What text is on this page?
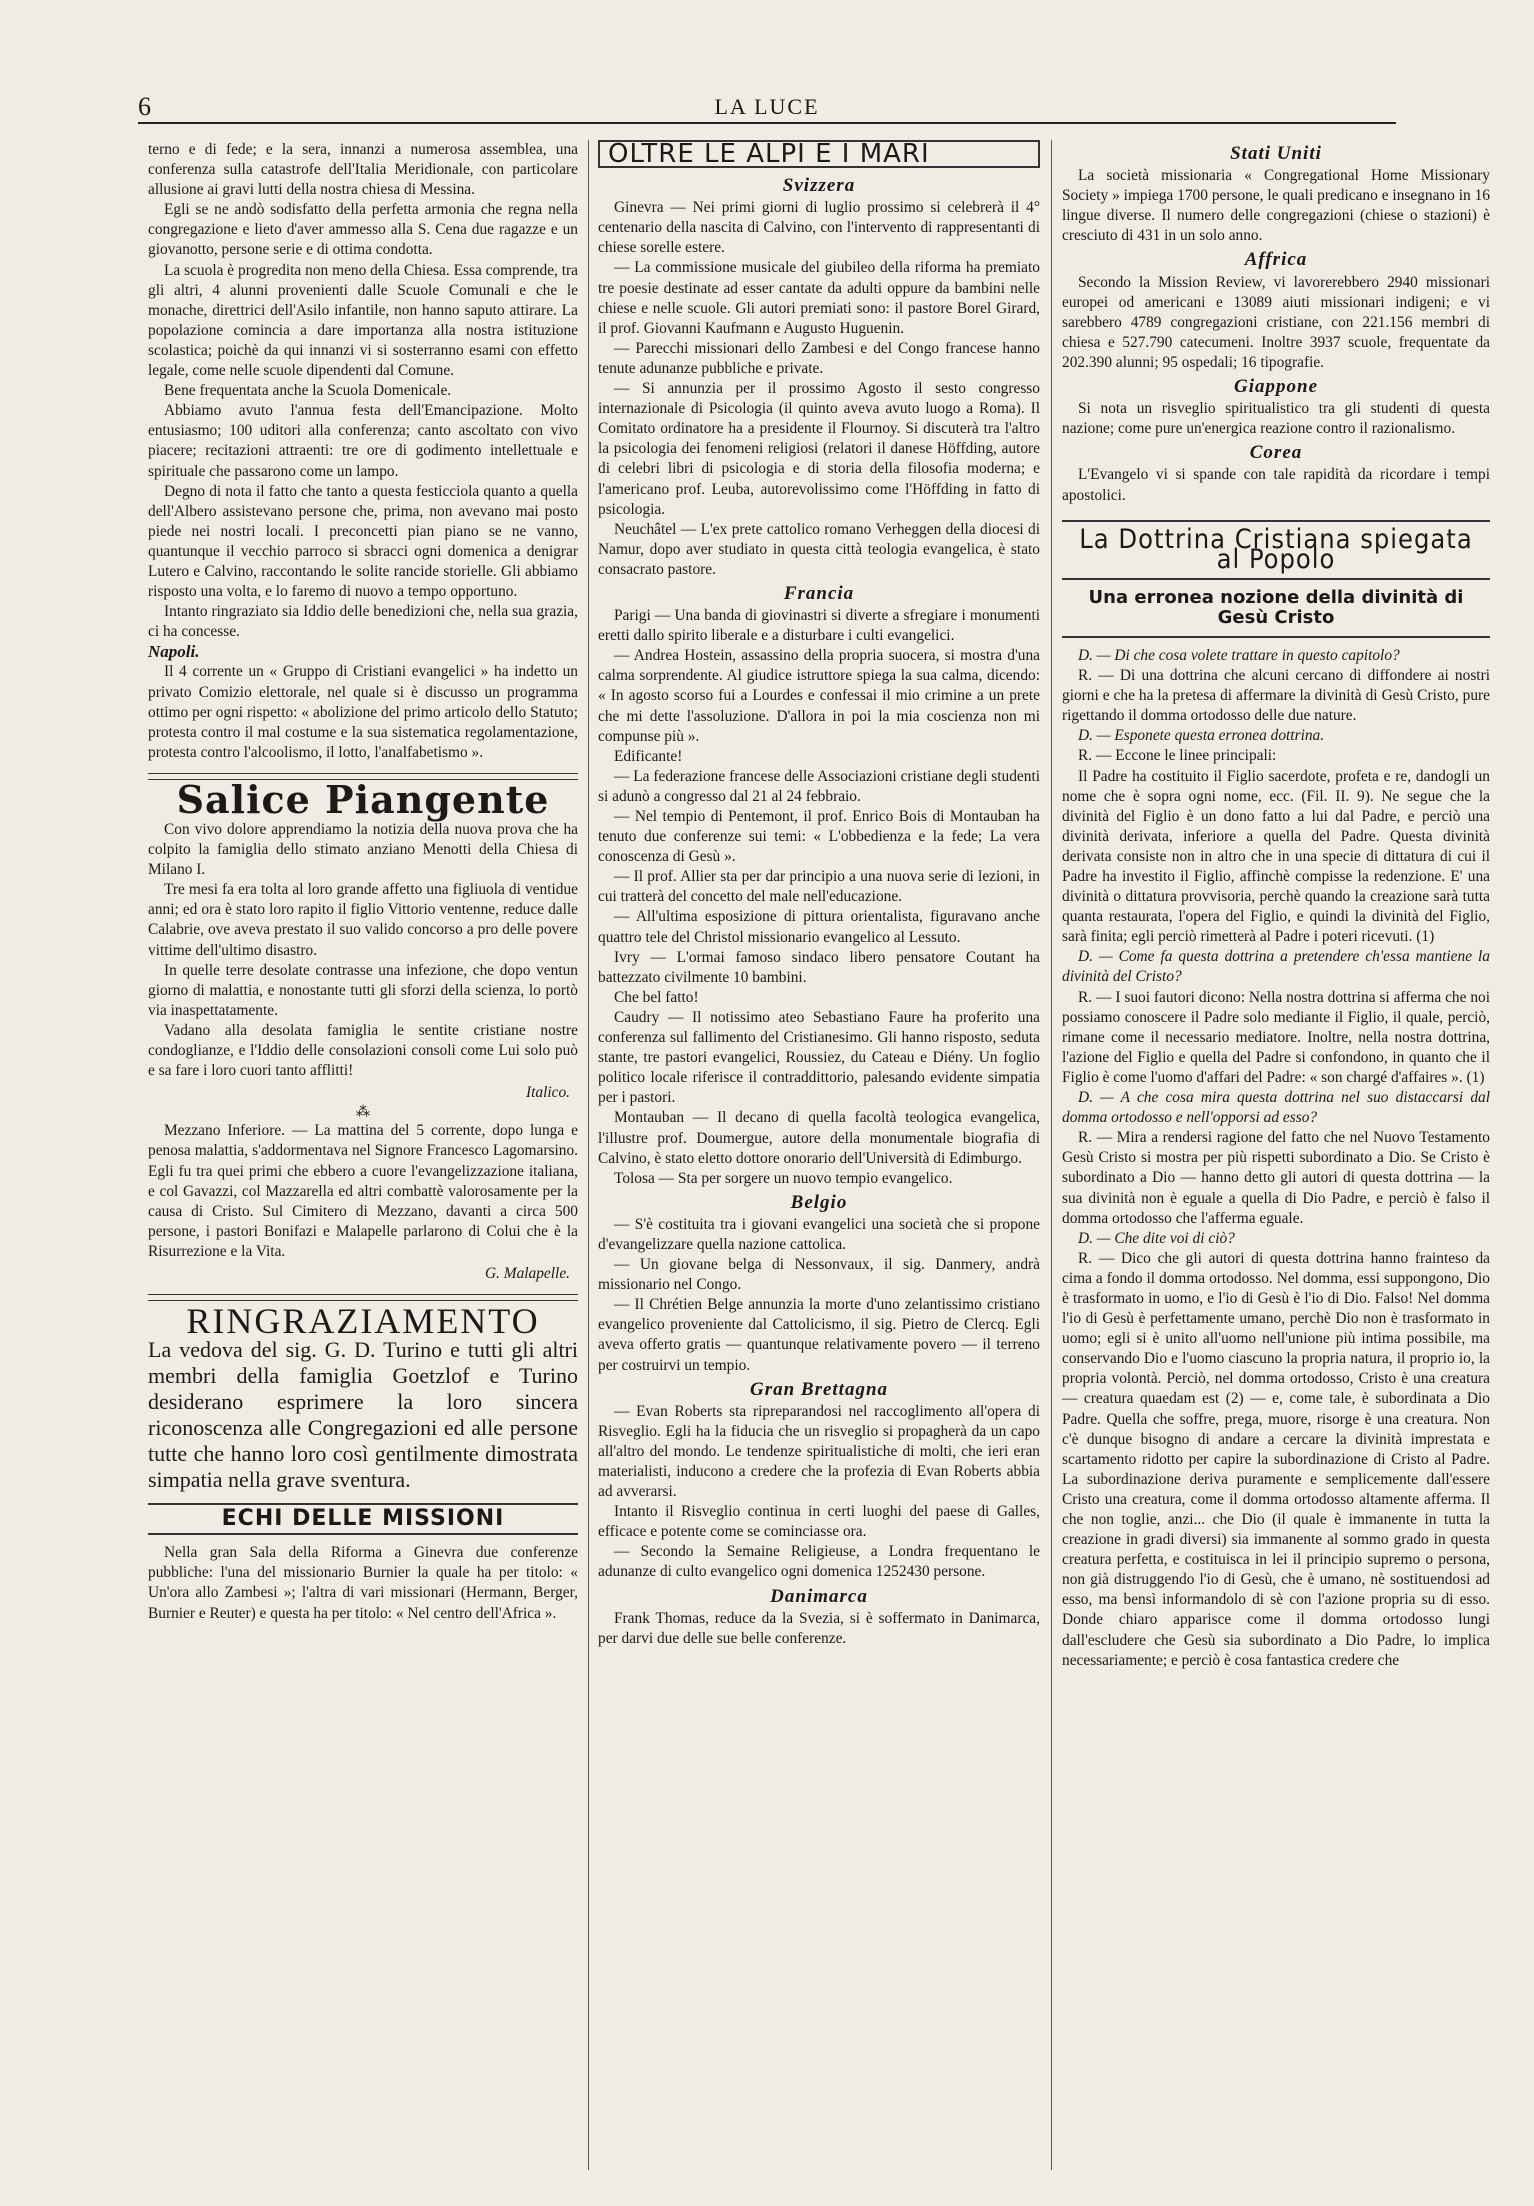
6	LA LUCE

terno e di fede; e la sera, innanzi a numerosa assemblea, una conferenza sulla catastrofe dell'Italia Meridionale, con particolare allusione ai gravi lutti della nostra chiesa di Messina.

Egli se ne andò sodisfatto della perfetta armonia che regna nella congregazione e lieto d'aver ammesso alla S. Cena due ragazze e un giovanotto, persone serie e di ottima condotta.

La scuola è progredita non meno della Chiesa. Essa comprende, tra gli altri, 4 alunni provenienti dalle Scuole Comunali e che le monache, direttrici dell'Asilo infantile, non hanno saputo attirare. La popolazione comincia a dare importanza alla nostra istituzione scolastica; poichè da qui innanzi vi si sosterranno esami con effetto legale, come nelle scuole dipendenti dal Comune.

Bene frequentata anche la Scuola Domenicale.

Abbiamo avuto l'annua festa dell'Emancipazione. Molto entusiasmo; 100 uditori alla conferenza; canto ascoltato con vivo piacere; recitazioni attraenti: tre ore di godimento intellettuale e spirituale che passarono come un lampo.

Degno di nota il fatto che tanto a questa festicciola quanto a quella dell'Albero assistevano persone che, prima, non avevano mai posto piede nei nostri locali. I preconcetti pian piano se ne vanno, quantunque il vecchio parroco si sbracci ogni domenica a denigrar Lutero e Calvino, raccontando le solite rancide storielle. Gli abbiamo risposto una volta, e lo faremo di nuovo a tempo opportuno.

Intanto ringraziato sia Iddio delle benedizioni che, nella sua grazia, ci ha concesse.

Napoli.

Il 4 corrente un « Gruppo di Cristiani evangelici » ha indetto un privato Comizio elettorale, nel quale si è discusso un programma ottimo per ogni rispetto: « abolizione del primo articolo dello Statuto; protesta contro il mal costume e la sua sistematica regolamentazione, protesta contro l'alcoolismo, il lotto, l'analfabetismo ».

Salice Piangente

Con vivo dolore apprendiamo la notizia della nuova prova che ha colpito la famiglia dello stimato anziano Menotti della Chiesa di Milano I.

Tre mesi fa era tolta al loro grande affetto una figliuola di ventidue anni; ed ora è stato loro rapito il figlio Vittorio ventenne, reduce dalle Calabrie, ove aveva prestato il suo valido concorso a pro delle povere vittime dell'ultimo disastro.

In quelle terre desolate contrasse una infezione, che dopo ventun giorno di malattia, e nonostante tutti gli sforzi della scienza, lo portò via inaspettatamente.

Vadano alla desolata famiglia le sentite cristiane nostre condoglianze, e l'Iddio delle consolazioni consoli come Lui solo può e sa fare i loro cuori tanto afflitti!

Italico.
⁂

Mezzano Inferiore. — La mattina del 5 corrente, dopo lunga e penosa malattia, s'addormentava nel Signore Francesco Lagomarsino. Egli fu tra quei primi che ebbero a cuore l'evangelizzazione italiana, e col Gavazzi, col Mazzarella ed altri combattè valorosamente per la causa di Cristo. Sul Cimitero di Mezzano, davanti a circa 500 persone, i pastori Bonifazi e Malapelle parlarono di Colui che è la Risurrezione e la Vita.

G. Malapelle.
RINGRAZIAMENTO
La vedova del sig. G. D. Turino e tutti gli altri membri della famiglia Goetzlof e Turino desiderano esprimere la loro sincera riconoscenza alle Congregazioni ed alle persone tutte che hanno loro così gentilmente dimostrata simpatia nella grave sventura.
ECHI DELLE MISSIONI

Nella gran Sala della Riforma a Ginevra due conferenze pubbliche: l'una del missionario Burnier la quale ha per titolo: « Un'ora allo Zambesi »; l'altra di vari missionari (Hermann, Berger, Burnier e Reuter) e questa ha per titolo: « Nel centro dell'Africa ».

OLTRE LE ALPI E I MARI
Svizzera

Ginevra — Nei primi giorni di luglio prossimo si celebrerà il 4° centenario della nascita di Calvino, con l'intervento di rappresentanti di chiese sorelle estere.

— La commissione musicale del giubileo della riforma ha premiato tre poesie destinate ad esser cantate da adulti oppure da bambini nelle chiese e nelle scuole. Gli autori premiati sono: il pastore Borel Girard, il prof. Giovanni Kaufmann e Augusto Huguenin.

— Parecchi missionari dello Zambesi e del Congo francese hanno tenute adunanze pubbliche e private.

— Si annunzia per il prossimo Agosto il sesto congresso internazionale di Psicologia (il quinto aveva avuto luogo a Roma). Il Comitato ordinatore ha a presidente il Flournoy. Si discuterà tra l'altro la psicologia dei fenomeni religiosi (relatori il danese Höffding, autore di celebri libri di psicologia e di storia della filosofia moderna; e l'americano prof. Leuba, autorevolissimo come l'Höffding in fatto di psicologia.

Neuchâtel — L'ex prete cattolico romano Verheggen della diocesi di Namur, dopo aver studiato in questa città teologia evangelica, è stato consacrato pastore.

Francia

Parigi — Una banda di giovinastri si diverte a sfregiare i monumenti eretti dallo spirito liberale e a disturbare i culti evangelici.

— Andrea Hostein, assassino della propria suocera, si mostra d'una calma sorprendente. Al giudice istruttore spiega la sua calma, dicendo: « In agosto scorso fui a Lourdes e confessai il mio crimine a un prete che mi dette l'assoluzione. D'allora in poi la mia coscienza non mi compunse più ».

Edificante!

— La federazione francese delle Associazioni cristiane degli studenti si adunò a congresso dal 21 al 24 febbraio.

— Nel tempio di Pentemont, il prof. Enrico Bois di Montauban ha tenuto due conferenze sui temi: « L'obbedienza e la fede; La vera conoscenza di Gesù ».

— Il prof. Allier sta per dar principio a una nuova serie di lezioni, in cui tratterà del concetto del male nell'educazione.

— All'ultima esposizione di pittura orientalista, figuravano anche quattro tele del Christol missionario evangelico al Lessuto.

Ivry — L'ormai famoso sindaco libero pensatore Coutant ha battezzato civilmente 10 bambini.

Che bel fatto!

Caudry — Il notissimo ateo Sebastiano Faure ha proferito una conferenza sul fallimento del Cristianesimo. Gli hanno risposto, seduta stante, tre pastori evangelici, Roussiez, du Cateau e Diény. Un foglio politico locale riferisce il contraddittorio, palesando evidente simpatia per i pastori.

Montauban — Il decano di quella facoltà teologica evangelica, l'illustre prof. Doumergue, autore della monumentale biografia di Calvino, è stato eletto dottore onorario dell'Università di Edimburgo.

Tolosa — Sta per sorgere un nuovo tempio evangelico.

Belgio

— S'è costituita tra i giovani evangelici una società che si propone d'evangelizzare quella nazione cattolica.

— Un giovane belga di Nessonvaux, il sig. Danmery, andrà missionario nel Congo.

— Il Chrétien Belge annunzia la morte d'uno zelantissimo cristiano evangelico proveniente dal Cattolicismo, il sig. Pietro de Clercq. Egli aveva offerto gratis — quantunque relativamente povero — il terreno per costruirvi un tempio.

Gran Brettagna

— Evan Roberts sta ripreparandosi nel raccoglimento all'opera di Risveglio. Egli ha la fiducia che un risveglio si propagherà da un capo all'altro del mondo. Le tendenze spiritualistiche di molti, che ieri eran materialisti, inducono a credere che la profezia di Evan Roberts abbia ad avverarsi.

Intanto il Risveglio continua in certi luoghi del paese di Galles, efficace e potente come se cominciasse ora.

— Secondo la Semaine Religieuse, a Londra frequentano le adunanze di culto evangelico ogni domenica 1252430 persone.

Danimarca

Frank Thomas, reduce da la Svezia, si è soffermato in Danimarca, per darvi due delle sue belle conferenze.

Stati Uniti

La società missionaria « Congregational Home Missionary Society » impiega 1700 persone, le quali predicano e insegnano in 16 lingue diverse. Il numero delle congregazioni (chiese o stazioni) è cresciuto di 431 in un solo anno.

Affrica

Secondo la Mission Review, vi lavorerebbero 2940 missionari europei od americani e 13089 aiuti missionari indigeni; e vi sarebbero 4789 congregazioni cristiane, con 221.156 membri di chiesa e 527.790 catecumeni. Inoltre 3937 scuole, frequentate da 202.390 alunni; 95 ospedali; 16 tipografie.

Giappone

Si nota un risveglio spiritualistico tra gli studenti di questa nazione; come pure un'energica reazione contro il razionalismo.

Corea

L'Evangelo vi si spande con tale rapidità da ricordare i tempi apostolici.

La Dottrina Cristiana spiegata al Popolo
Una erronea nozione della divinità di Gesù Cristo

D. — Di che cosa volete trattare in questo capitolo?

R. — Di una dottrina che alcuni cercano di diffondere ai nostri giorni e che ha la pretesa di affermare la divinità di Gesù Cristo, pure rigettando il domma ortodosso delle due nature.

D. — Esponete questa erronea dottrina.

R. — Eccone le linee principali:

Il Padre ha costituito il Figlio sacerdote, profeta e re, dandogli un nome che è sopra ogni nome, ecc. (Fil. II. 9). Ne segue che la divinità del Figlio è un dono fatto a lui dal Padre, e perciò una divinità derivata, inferiore a quella del Padre. Questa divinità derivata consiste non in altro che in una specie di dittatura di cui il Padre ha investito il Figlio, affinchè compisse la redenzione. E' una divinità o dittatura provvisoria, perchè quando la creazione sarà tutta quanta restaurata, l'opera del Figlio, e quindi la divinità del Figlio, sarà finita; egli perciò rimetterà al Padre i poteri ricevuti. (1)

D. — Come fa questa dottrina a pretendere ch'essa mantiene la divinità del Cristo?

R. — I suoi fautori dicono: Nella nostra dottrina si afferma che noi possiamo conoscere il Padre solo mediante il Figlio, il quale, perciò, rimane come il necessario mediatore. Inoltre, nella nostra dottrina, l'azione del Figlio e quella del Padre si confondono, in quanto che il Figlio è come l'uomo d'affari del Padre: « son chargé d'affaires ». (1)

D. — A che cosa mira questa dottrina nel suo distaccarsi dal domma ortodosso e nell'opporsi ad esso?

R. — Mira a rendersi ragione del fatto che nel Nuovo Testamento Gesù Cristo si mostra per più rispetti subordinato a Dio. Se Cristo è subordinato a Dio — hanno detto gli autori di questa dottrina — la sua divinità non è eguale a quella di Dio Padre, e perciò è falso il domma ortodosso che l'afferma eguale.

D. — Che dite voi di ciò?

R. — Dico che gli autori di questa dottrina hanno frainteso da cima a fondo il domma ortodosso. Nel domma, essi suppongono, Dio è trasformato in uomo, e l'io di Gesù è l'io di Dio. Falso! Nel domma l'io di Gesù è perfettamente umano, perchè Dio non è trasformato in uomo; egli si è unito all'uomo nell'unione più intima possibile, ma conservando Dio e l'uomo ciascuno la propria natura, il proprio io, la propria volontà. Perciò, nel domma ortodosso, Cristo è una creatura — creatura quaedam est (2) — e, come tale, è subordinata a Dio Padre. Quella che soffre, prega, muore, risorge è una creatura. Non c'è dunque bisogno di andare a cercare la divinità imprestata e scartamento ridotto per capire la subordinazione di Cristo al Padre. La subordinazione deriva puramente e semplicemente dall'essere Cristo una creatura, come il domma ortodosso altamente afferma. Il che non toglie, anzi... che Dio (il quale è immanente in tutta la creazione in gradi diversi) sia immanente al sommo grado in questa creatura perfetta, e costituisca in lei il principio supremo o persona, non già distruggendo l'io di Gesù, che è umano, nè sostituendosi ad esso, ma bensì informandolo di sè con l'azione propria su di esso. Donde chiaro apparisce come il domma ortodosso lungi dall'escludere che Gesù sia subordinato a Dio Padre, lo implica necessariamente; e perciò è cosa fantastica credere che
